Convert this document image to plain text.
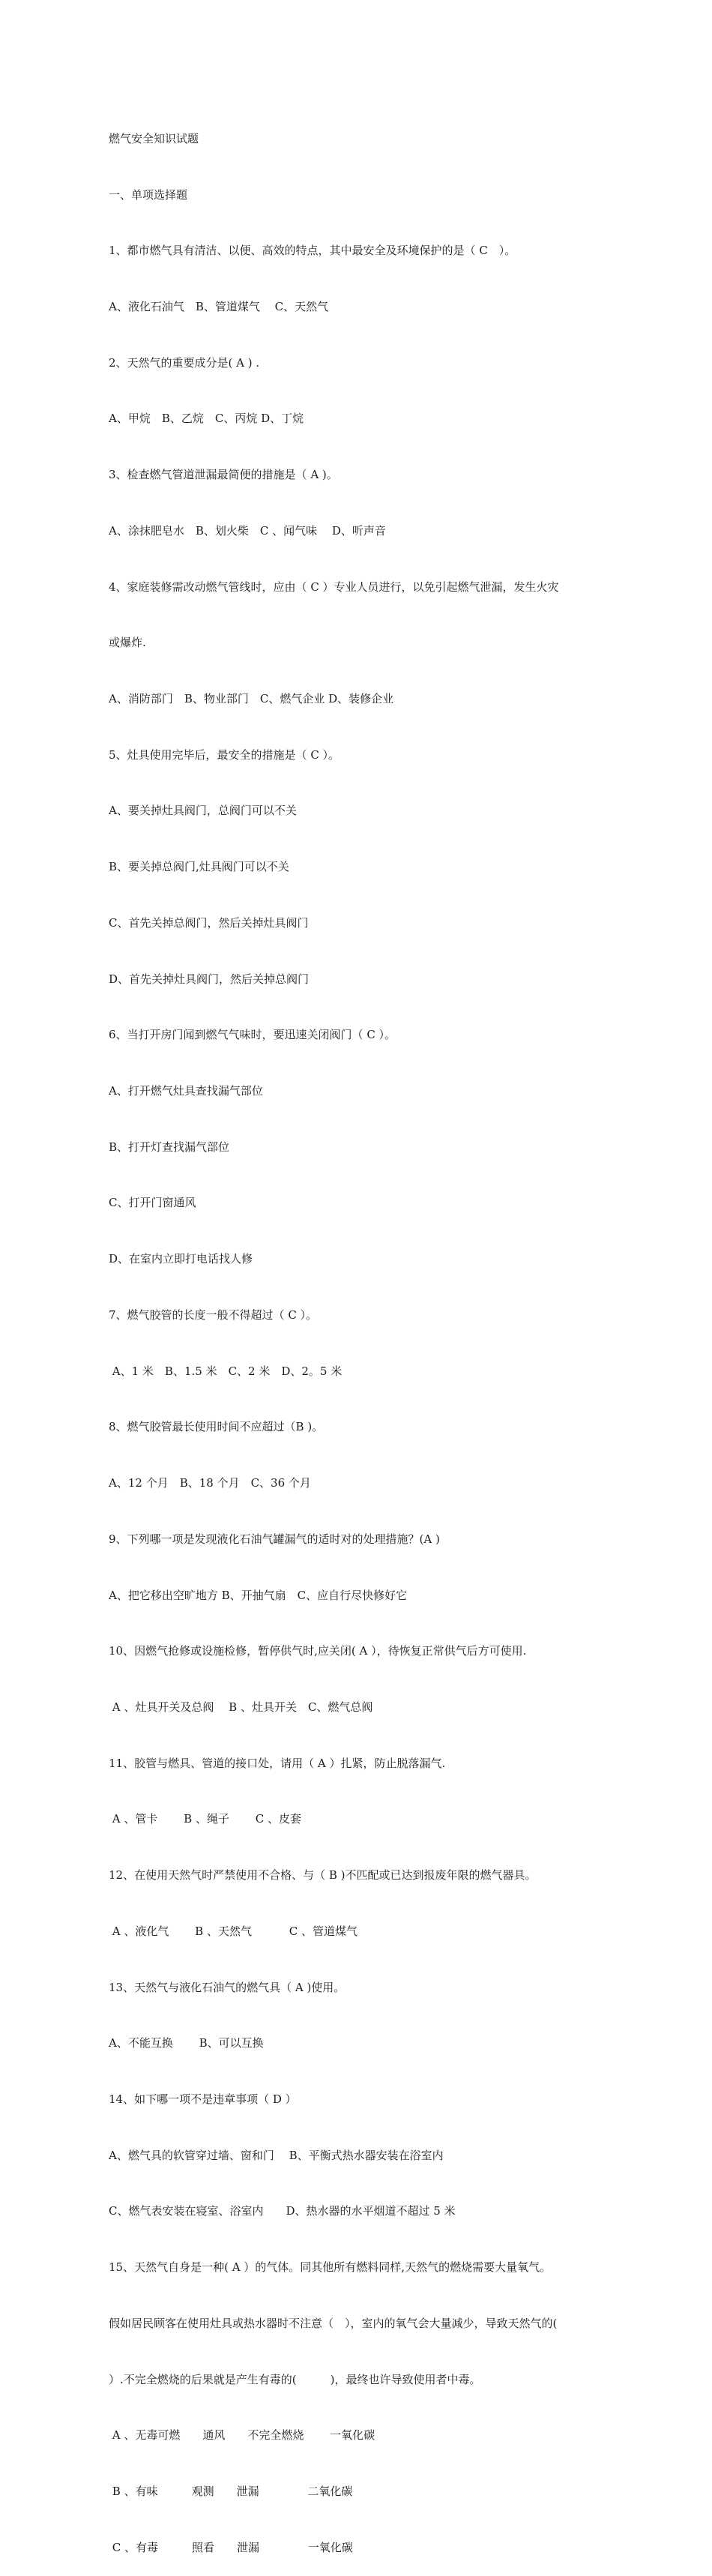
燃气安全知识试题

一、单项选择题

1、都市燃气具有清洁、以便、高效的特点，其中最安全及环境保护的是（ C　）。

A、液化石油气　B、管道煤气　 C、天然气

2、天然气的重要成分是( A ) .

A、甲烷　B、乙烷　C、丙烷 D、丁烷

3、检查燃气管道泄漏最简便的措施是（ A )。

A、涂抹肥皂水　B、划火柴　C 、闻气味　 D、听声音

4、家庭装修需改动燃气管线时，应由（ C ）专业人员进行，以免引起燃气泄漏，发生火灾

或爆炸.

A、消防部门　B、物业部门　C、燃气企业 D、装修企业

5、灶具使用完毕后，最安全的措施是（ C ）。

A、要关掉灶具阀门，总阀门可以不关

B、要关掉总阀门,灶具阀门可以不关

C、首先关掉总阀门，然后关掉灶具阀门

D、首先关掉灶具阀门，然后关掉总阀门

6、当打开房门闻到燃气气味时，要迅速关闭阀门（ C ）。

A、打开燃气灶具查找漏气部位

B、打开灯查找漏气部位

C、打开门窗通风

D、在室内立即打电话找人修

7、燃气胶管的长度一般不得超过（ C ）。

A、1 米　B、1.5 米　C、2 米　D、2。5 米

8、燃气胶管最长使用时间不应超过（B )。

A、12 个月　B、18 个月　C、36 个月

9、下列哪一项是发现液化石油气罐漏气的适时对的处理措施？(A )

A、把它移出空旷地方 B、开抽气扇　C、应自行尽快修好它

10、因燃气抢修或设施检修，暂停供气时,应关闭( A ），待恢复正常供气后方可使用.

A 、灶具开关及总阀　 B 、灶具开关　C、燃气总阀

11、胶管与燃具、管道的接口处，请用（ A ）扎紧，防止脱落漏气.

A 、管卡　　 B 、绳子　　 C 、皮套

12、在使用天然气时严禁使用不合格、与（ B )不匹配或已达到报废年限的燃气器具。

A 、液化气　　 B 、天然气　　　 C 、管道煤气

13、天然气与液化石油气的燃气具（ A )使用。

A、不能互换　　 B、可以互换

14、如下哪一项不是违章事项（ D ）

A、燃气具的软管穿过墙、窗和门　 B、平衡式热水器安装在浴室内

C、燃气表安装在寝室、浴室内　　D、热水器的水平烟道不超过 5 米

15、天然气自身是一种( A ）的气体。同其他所有燃料同样,天然气的燃烧需要大量氧气。

假如居民顾客在使用灶具或热水器时不注意（　），室内的氧气会大量减少，导致天然气的(

）.不完全燃烧的后果就是产生有毒的(　　　)，最终也许导致使用者中毒。

A 、无毒可燃　　通风　　不完全燃烧　　 一氧化碳

B 、有味　　　观测　　泄漏　　　　 二氧化碳

C 、有毒　　　照看　　泄漏　　　　 一氧化碳
